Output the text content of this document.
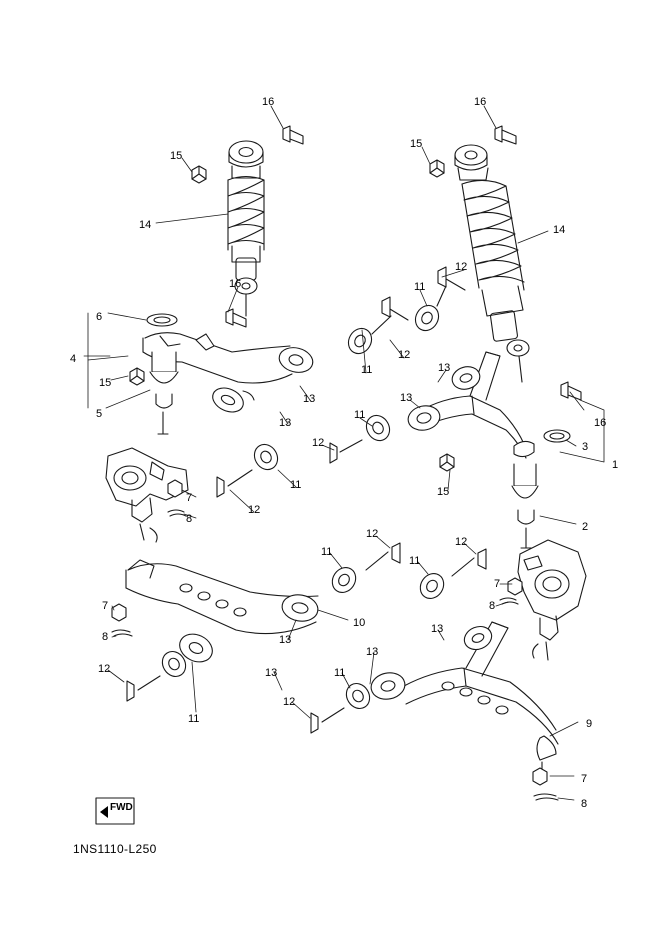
FWD
1NS1110-L250
16	16
15
15
14	14
12
16	11
6
12
4
11	13
13
15
16
5
13
13
11
3
12
1
15
11
7
12
2
8
12
12
11
11
7
10
8
13
13
7
13
13
8
11
12
11
12
9
7
8
